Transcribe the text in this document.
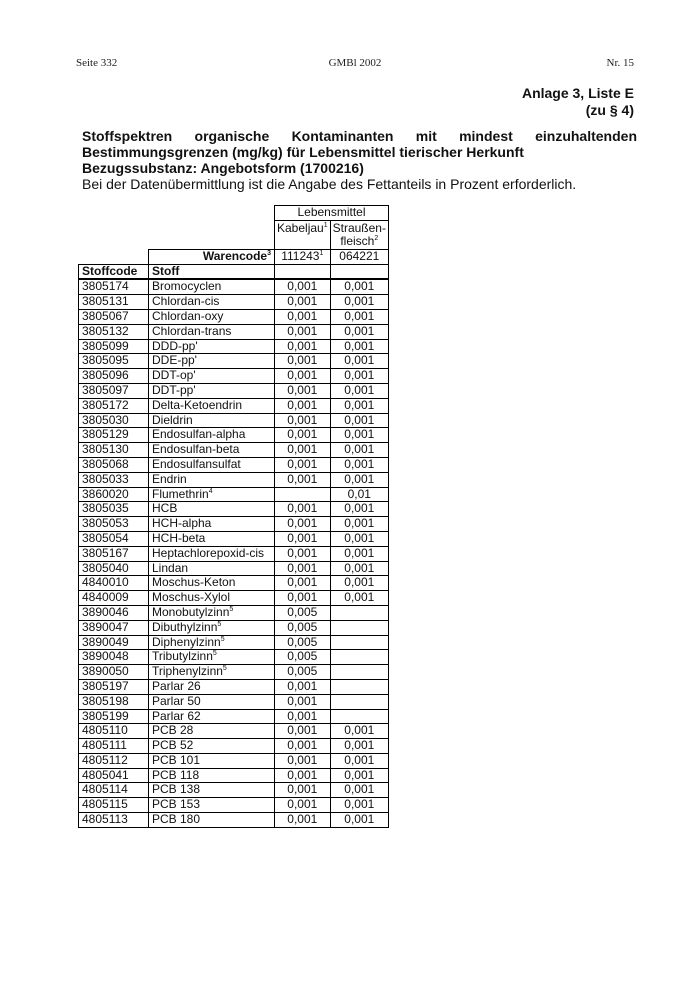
Seite 332	GMBl 2002	Nr. 15
Anlage 3, Liste E
(zu § 4)
Stoffspektren organische Kontaminanten mit mindest einzuhaltenden Bestimmungsgrenzen (mg/kg) für Lebensmittel tierischer Herkunft
Bezugssubstanz: Angebotsform (1700216)
Bei der Datenübermittlung ist die Angabe des Fettanteils in Prozent erforderlich.
		Lebensmittel	
		Kabeljau$^1$	Straußen-
fleisch$^2$
	Warencode$^3$	111243$^1$	064221
Stoffcode	Stoff		
3805174	Bromocyclen	0,001	0,001
3805131	Chlordan-cis	0,001	0,001
3805067	Chlordan-oxy	0,001	0,001
3805132	Chlordan-trans	0,001	0,001
3805099	DDD-pp'	0,001	0,001
3805095	DDE-pp'	0,001	0,001
3805096	DDT-op'	0,001	0,001
3805097	DDT-pp'	0,001	0,001
3805172	Delta-Ketoendrin	0,001	0,001
3805030	Dieldrin	0,001	0,001
3805129	Endosulfan-alpha	0,001	0,001
3805130	Endosulfan-beta	0,001	0,001
3805068	Endosulfansulfat	0,001	0,001
3805033	Endrin	0,001	0,001
3860020	Flumethrin$^4$		0,01
3805035	HCB	0,001	0,001
3805053	HCH-alpha	0,001	0,001
3805054	HCH-beta	0,001	0,001
3805167	Heptachlorepoxid-cis	0,001	0,001
3805040	Lindan	0,001	0,001
4840010	Moschus-Keton	0,001	0,001
4840009	Moschus-Xylol	0,001	0,001
3890046	Monobutylzinn$^5$	0,005	
3890047	Dibuthylzinn$^5$	0,005	
3890049	Diphenylzinn$^5$	0,005	
3890048	Tributylzinn$^5$	0,005	
3890050	Triphenylzinn$^5$	0,005	
3805197	Parlar 26	0,001	
3805198	Parlar 50	0,001	
3805199	Parlar 62	0,001	
4805110	PCB 28	0,001	0,001
4805111	PCB 52	0,001	0,001
4805112	PCB 101	0,001	0,001
4805041	PCB 118	0,001	0,001
4805114	PCB 138	0,001	0,001
4805115	PCB 153	0,001	0,001
4805113	PCB 180	0,001	0,001
